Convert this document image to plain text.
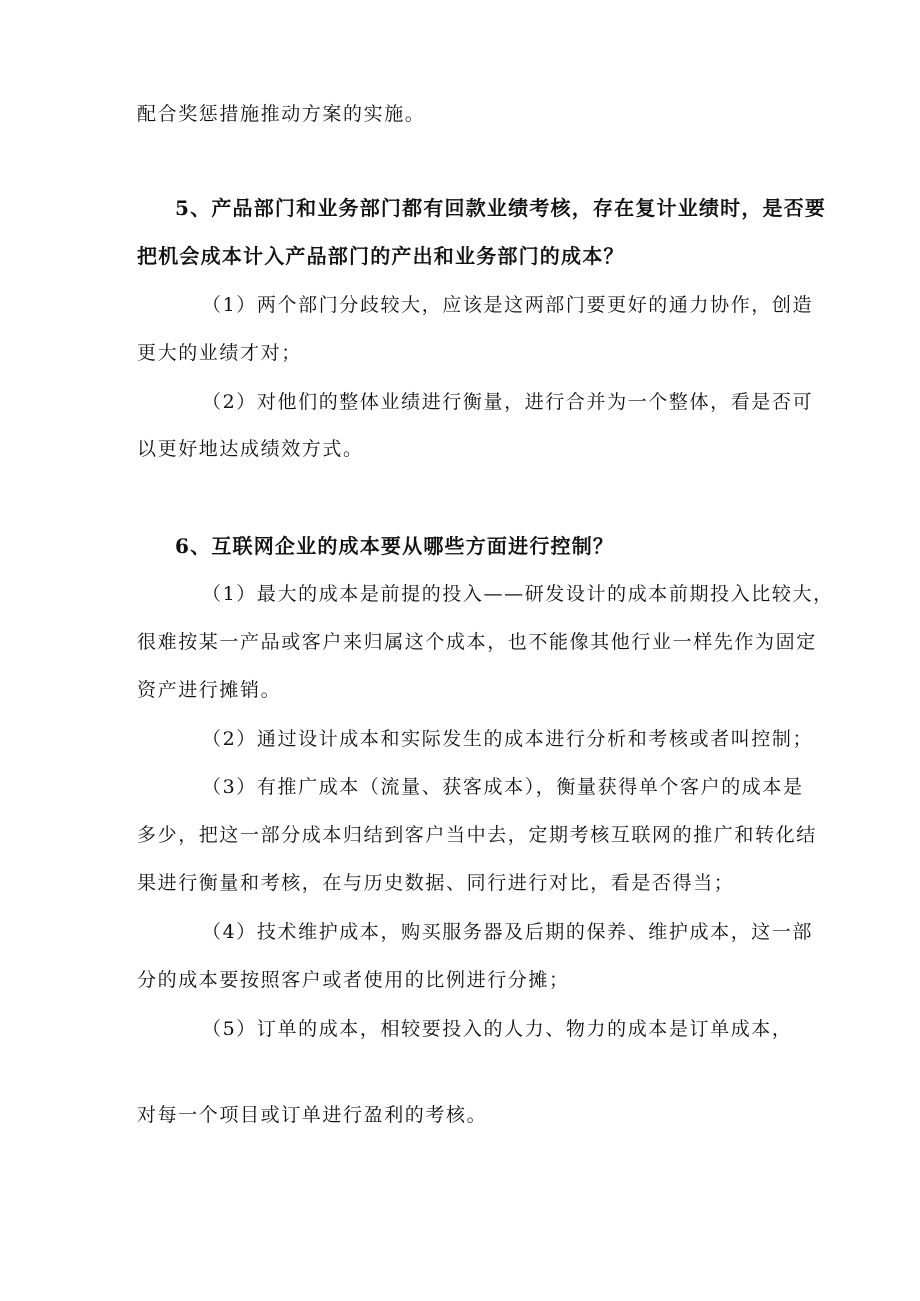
配合奖惩措施推动方案的实施。
5、产品部门和业务部门都有回款业绩考核，存在复计业绩时，是否要
把机会成本计入产品部门的产出和业务部门的成本？
（1）两个部门分歧较大，应该是这两部门要更好的通力协作，创造
更大的业绩才对；
（2）对他们的整体业绩进行衡量，进行合并为一个整体，看是否可
以更好地达成绩效方式。
6、互联网企业的成本要从哪些方面进行控制？
（1）最大的成本是前提的投入——研发设计的成本前期投入比较大，
很难按某一产品或客户来归属这个成本，也不能像其他行业一样先作为固定
资产进行摊销。
（2）通过设计成本和实际发生的成本进行分析和考核或者叫控制；
（3）有推广成本（流量、获客成本），衡量获得单个客户的成本是
多少，把这一部分成本归结到客户当中去，定期考核互联网的推广和转化结
果进行衡量和考核，在与历史数据、同行进行对比，看是否得当；
（4）技术维护成本，购买服务器及后期的保养、维护成本，这一部
分的成本要按照客户或者使用的比例进行分摊；
（5）订单的成本，相较要投入的人力、物力的成本是订单成本，
对每一个项目或订单进行盈利的考核。
